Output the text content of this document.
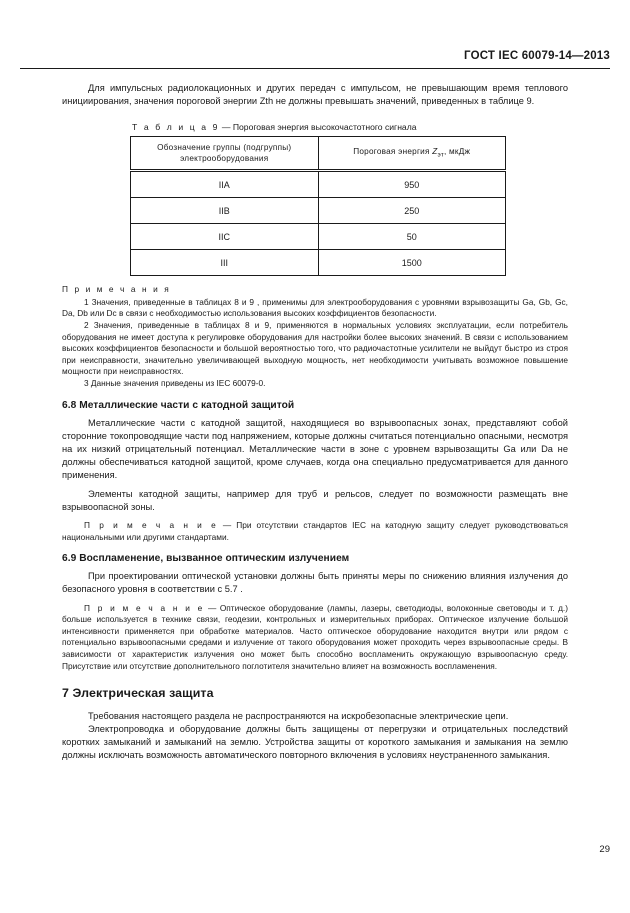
ГОСТ IEC 60079-14—2013

Для импульсных радиолокационных и других передач с импульсом, не превышающим время теплового инициирования, значения пороговой энергии Zth не должны превышать значений, приведенных в таблице 9.

Т а б л и ц а 9 — Пороговая энергия высокочастотного сигнала
Обозначение группы (подгруппы)
электрооборудования	Пороговая энергия $Z_{эт}$, мкДж
IIA	950
IIB	250
IIC	50
III	1500

П р и м е ч а н и я

1 Значения, приведенные в таблицах 8 и 9 , применимы для электрооборудования с уровнями взрывозащиты Ga, Gb, Gc, Da, Db или Dc в связи с необходимостью использования высоких коэффициентов безопасности.

2 Значения, приведенные в таблицах 8 и 9, применяются в нормальных условиях эксплуатации, если потребитель оборудования не имеет доступа к регулировке оборудования для настройки более высоких значений. В связи с использованием высоких коэффициентов безопасности и большой вероятностью того, что радиочастотные усилители не выйдут быстро из строя при неисправности, значительно увеличивающей выходную мощность, нет необходимости учитывать возможное повышение мощности при неисправностях.

3 Данные значения приведены из IEC 60079-0.

6.8 Металлические части с катодной защитой

Металлические части с катодной защитой, находящиеся во взрывоопасных зонах, представляют собой сторонние токопроводящие части под напряжением, которые должны считаться потенциально опасными, несмотря на их низкий отрицательный потенциал. Металлические части в зоне с уровнем взрывозащиты Ga или Da не должны обеспечиваться катодной защитой, кроме случаев, когда она специально предусматривается для данного применения.

Элементы катодной защиты, например для труб и рельсов, следует по возможности размещать вне взрывоопасной зоны.

П р и м е ч а н и е — При отсутствии стандартов IEC на катодную защиту следует руководствоваться национальными или другими стандартами.

6.9 Воспламенение, вызванное оптическим излучением

При проектировании оптической установки должны быть приняты меры по снижению влияния излучения до безопасного уровня в соответствии с 5.7 .

П р и м е ч а н и е — Оптическое оборудование (лампы, лазеры, светодиоды, волоконные световоды и т. д.) больше используется в технике связи, геодезии, контрольных и измерительных приборах. Оптическое излучение большой интенсивности применяется при обработке материалов. Часто оптическое оборудование находится внутри или рядом с потенциально взрывоопасными средами и излучение от такого оборудования может проходить через взрывоопасные среды. В зависимости от характеристик излучения оно может быть способно воспламенить окружающую взрывоопасную среду. Присутствие или отсутствие дополнительного поглотителя значительно влияет на возможность воспламенения.

7 Электрическая защита

Требования настоящего раздела не распространяются на искробезопасные электрические цепи.

Электропроводка и оборудование должны быть защищены от перегрузки и отрицательных последствий коротких замыканий и замыканий на землю. Устройства защиты от короткого замыкания и замыкания на землю должны исключать возможность автоматического повторного включения в условиях неустраненного замыкания.

29
